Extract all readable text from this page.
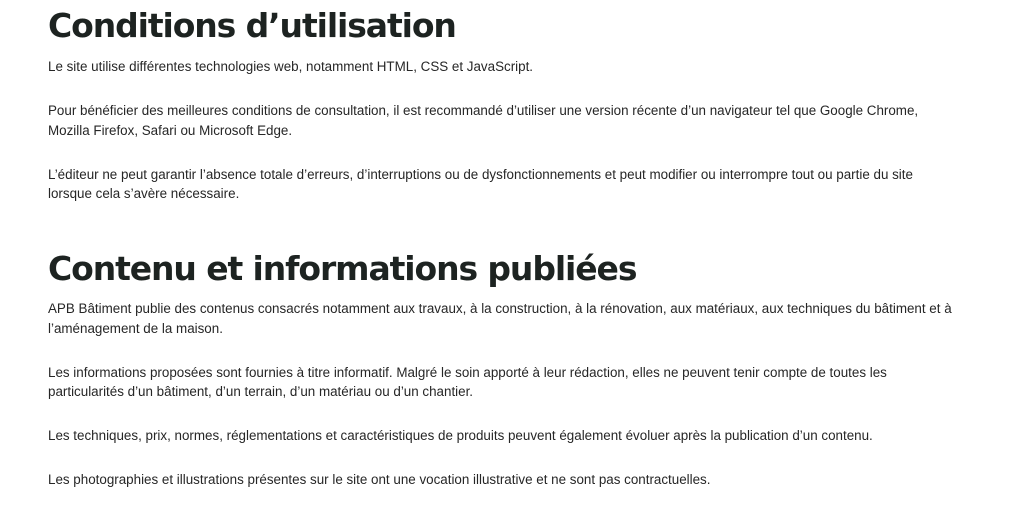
Conditions d’utilisation

Le site utilise différentes technologies web, notamment HTML, CSS et JavaScript.

Pour bénéficier des meilleures conditions de consultation, il est recommandé d’utiliser une version récente d’un navigateur tel que Google Chrome, Mozilla Firefox, Safari ou Microsoft Edge.

L’éditeur ne peut garantir l’absence totale d’erreurs, d’interruptions ou de dysfonctionnements et peut modifier ou interrompre tout ou partie du site lorsque cela s’avère nécessaire.

Contenu et informations publiées

APB Bâtiment publie des contenus consacrés notamment aux travaux, à la construction, à la rénovation, aux matériaux, aux techniques du bâtiment et à l’aménagement de la maison.

Les informations proposées sont fournies à titre informatif. Malgré le soin apporté à leur rédaction, elles ne peuvent tenir compte de toutes les particularités d’un bâtiment, d’un terrain, d’un matériau ou d’un chantier.

Les techniques, prix, normes, réglementations et caractéristiques de produits peuvent également évoluer après la publication d’un contenu.

Les photographies et illustrations présentes sur le site ont une vocation illustrative et ne sont pas contractuelles.
